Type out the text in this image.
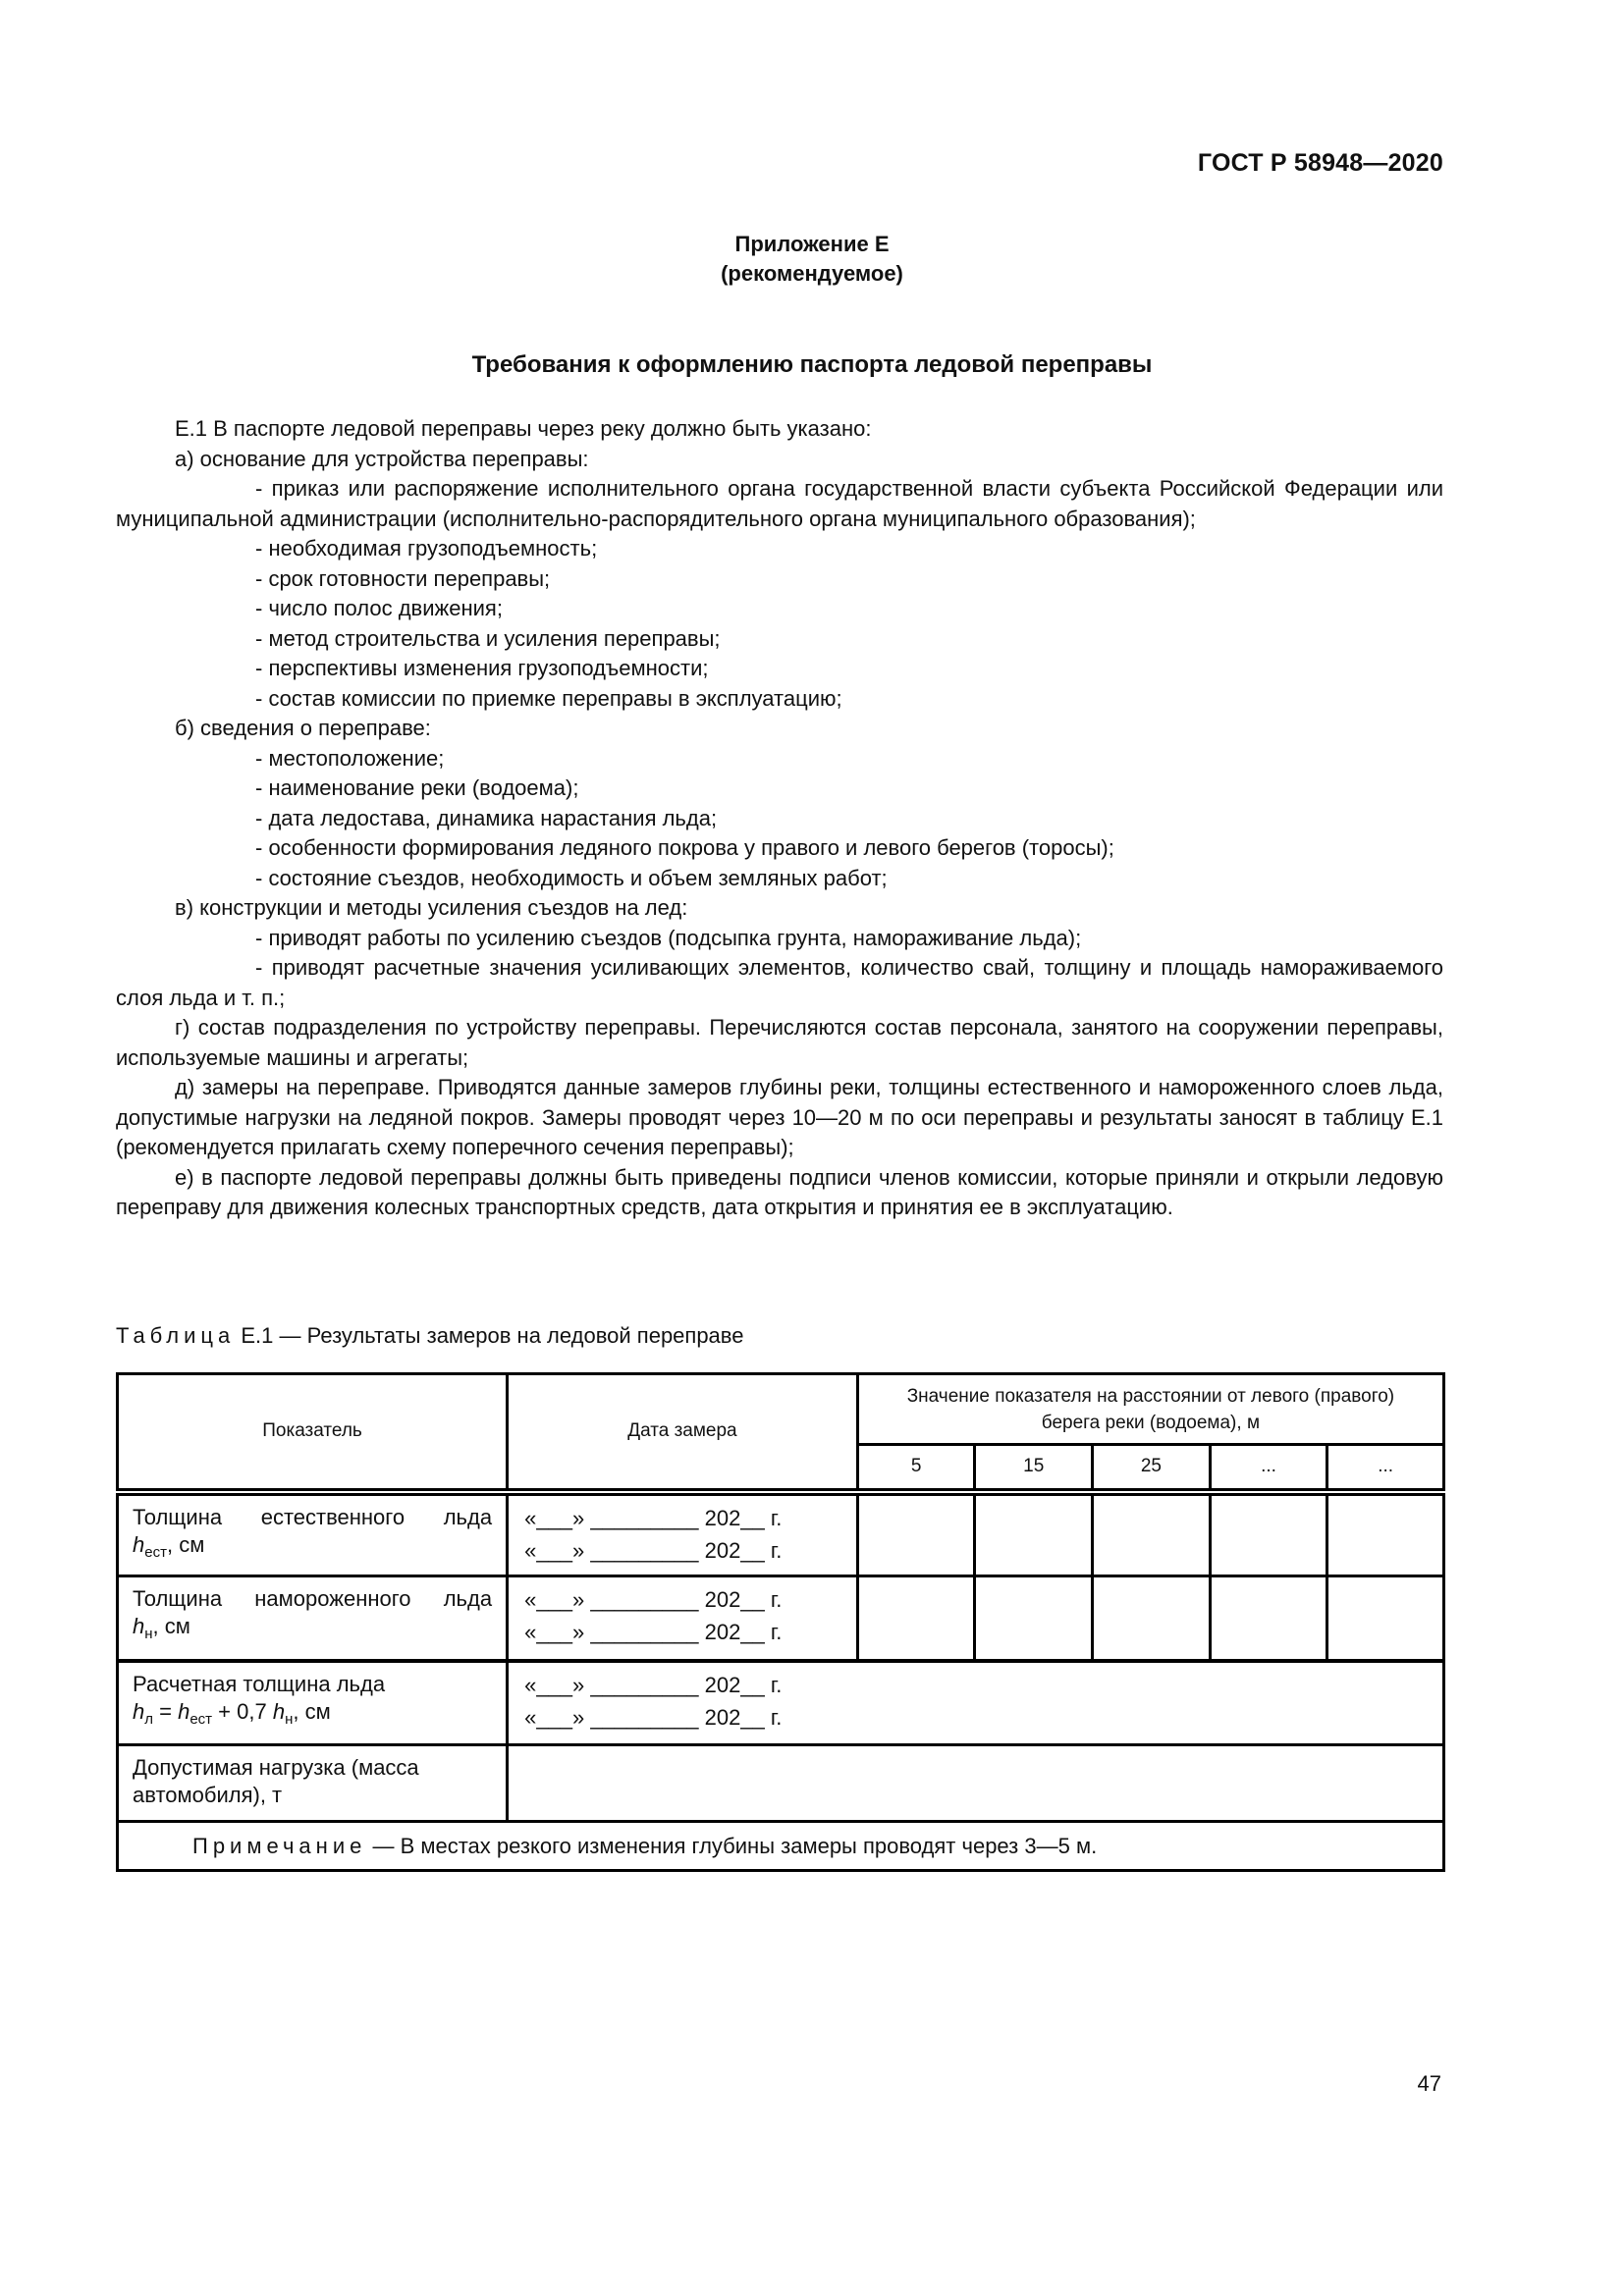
ГОСТ Р 58948—2020
Приложение Е
(рекомендуемое)
Требования к оформлению паспорта ледовой переправы

Е.1 В паспорте ледовой переправы через реку должно быть указано:

а) основание для устройства переправы:

- приказ или распоряжение исполнительного органа государственной власти субъекта Российской Федерации или муниципальной администрации (исполнительно-распорядительного органа муниципального образования);

- необходимая грузоподъемность;

- срок готовности переправы;

- число полос движения;

- метод строительства и усиления переправы;

- перспективы изменения грузоподъемности;

- состав комиссии по приемке переправы в эксплуатацию;

б) сведения о переправе:

- местоположение;

- наименование реки (водоема);

- дата ледостава, динамика нарастания льда;

- особенности формирования ледяного покрова у правого и левого берегов (торосы);

- состояние съездов, необходимость и объем земляных работ;

в) конструкции и методы усиления съездов на лед:

- приводят работы по усилению съездов (подсыпка грунта, намораживание льда);

- приводят расчетные значения усиливающих элементов, количество свай, толщину и площадь намораживаемого слоя льда и т. п.;

г) состав подразделения по устройству переправы. Перечисляются состав персонала, занятого на сооружении переправы, используемые машины и агрегаты;

д) замеры на переправе. Приводятся данные замеров глубины реки, толщины естественного и намороженного слоев льда, допустимые нагрузки на ледяной покров. Замеры проводят через 10—20 м по оси переправы и результаты заносят в таблицу Е.1 (рекомендуется прилагать схему поперечного сечения переправы);

е) в паспорте ледовой переправы должны быть приведены подписи членов комиссии, которые приняли и открыли ледовую переправу для движения колесных транспортных средств, дата открытия и принятия ее в эксплуатацию.

Таблица Е.1 — Результаты замеров на ледовой переправе
Показатель	Дата замера	Значение показателя на расстоянии от левого (правого) берега реки (водоема), м				
		5	15	25	...	...

Толщина естественного льда
$h_{ест}$, см

«___» _________ 202__ г.
«___» _________ 202__ г.

Толщина намороженного льда
$h_н$, см

«___» _________ 202__ г.
«___» _________ 202__ г.

Расчетная толщина льда
$h_л = h_{ест} + 0,7$ $h_н$, см

«___» _________ 202__ г.
«___» _________ 202__ г.

Допустимая нагрузка (масса автомобиля), т						
Примечание — В местах резкого изменения глубины замеры проводят через 3—5 м.						
47
